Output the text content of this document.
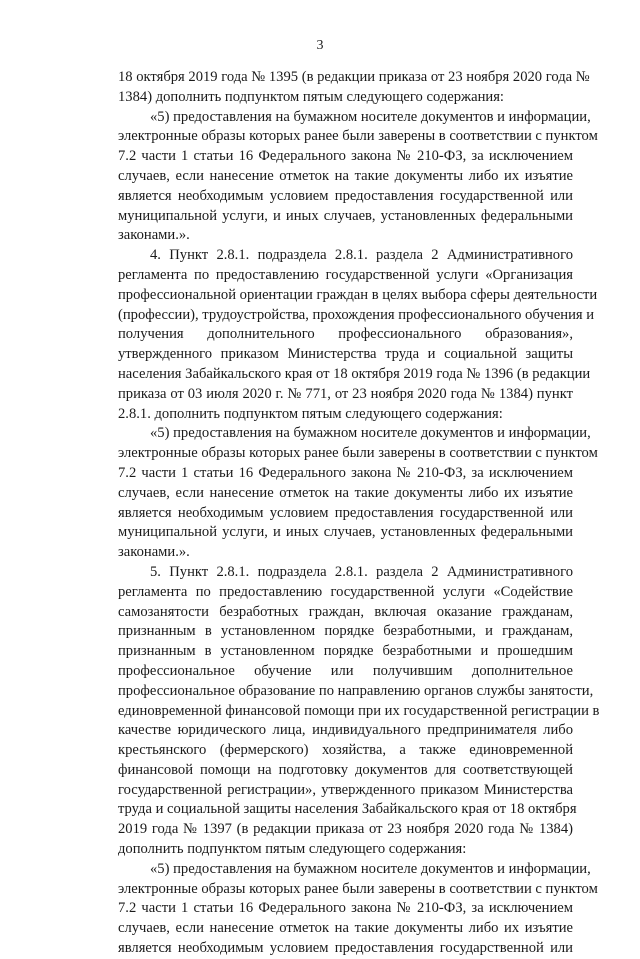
3
18 октября 2019 года № 1395 (в редакции приказа от 23 ноября 2020 года №
1384) дополнить подпунктом пятым следующего содержания:
«5) предоставления на бумажном носителе документов и информации,
электронные образы которых ранее были заверены в соответствии с пунктом
7.2 части 1 статьи 16 Федерального закона № 210-ФЗ, за исключением
случаев, если нанесение отметок на такие документы либо их изъятие
является необходимым условием предоставления государственной или
муниципальной услуги, и иных случаев, установленных федеральными
законами.».
4. Пункт 2.8.1. подраздела 2.8.1. раздела 2 Административного
регламента по предоставлению государственной услуги «Организация
профессиональной ориентации граждан в целях выбора сферы деятельности
(профессии), трудоустройства, прохождения профессионального обучения и
получения дополнительного профессионального образования»,
утвержденного приказом Министерства труда и социальной защиты
населения Забайкальского края от 18 октября 2019 года № 1396 (в редакции
приказа от 03 июля 2020 г. № 771, от 23 ноября 2020 года № 1384) пункт
2.8.1. дополнить подпунктом пятым следующего содержания:
«5) предоставления на бумажном носителе документов и информации,
электронные образы которых ранее были заверены в соответствии с пунктом
7.2 части 1 статьи 16 Федерального закона № 210-ФЗ, за исключением
случаев, если нанесение отметок на такие документы либо их изъятие
является необходимым условием предоставления государственной или
муниципальной услуги, и иных случаев, установленных федеральными
законами.».
5. Пункт 2.8.1. подраздела 2.8.1. раздела 2 Административного
регламента по предоставлению государственной услуги «Содействие
самозанятости безработных граждан, включая оказание гражданам,
признанным в установленном порядке безработными, и гражданам,
признанным в установленном порядке безработными и прошедшим
профессиональное обучение или получившим дополнительное
профессиональное образование по направлению органов службы занятости,
единовременной финансовой помощи при их государственной регистрации в
качестве юридического лица, индивидуального предпринимателя либо
крестьянского (фермерского) хозяйства, а также единовременной
финансовой помощи на подготовку документов для соответствующей
государственной регистрации», утвержденного приказом Министерства
труда и социальной защиты населения Забайкальского края от 18 октября
2019 года № 1397 (в редакции приказа от 23 ноября 2020 года № 1384)
дополнить подпунктом пятым следующего содержания:
«5) предоставления на бумажном носителе документов и информации,
электронные образы которых ранее были заверены в соответствии с пунктом
7.2 части 1 статьи 16 Федерального закона № 210-ФЗ, за исключением
случаев, если нанесение отметок на такие документы либо их изъятие
является необходимым условием предоставления государственной или
